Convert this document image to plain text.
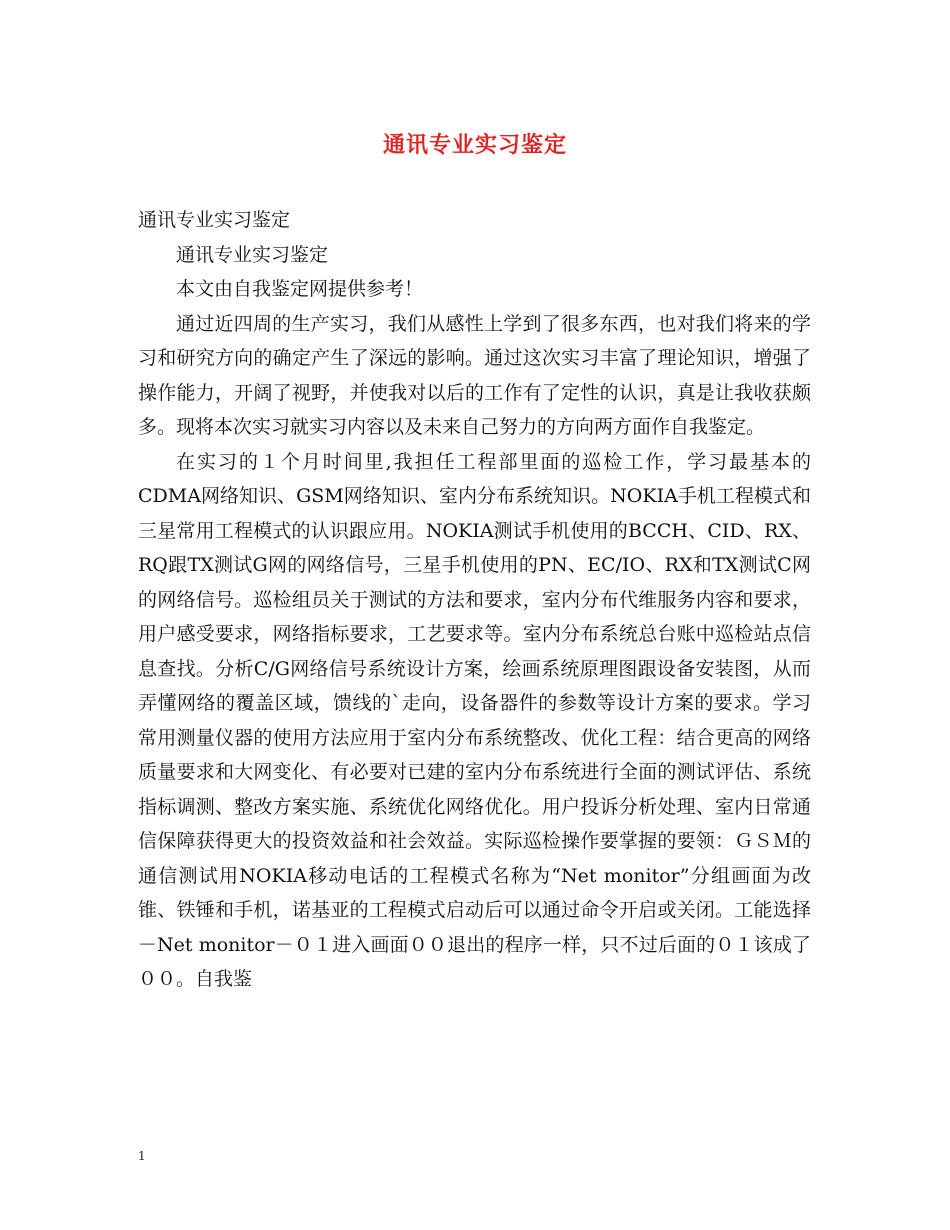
通讯专业实习鉴定

通讯专业实习鉴定

通讯专业实习鉴定

本文由自我鉴定网提供参考！

通过近四周的生产实习，我们从感性上学到了很多东西，也对我们将来的学习和研究方向的确定产生了深远的影响。通过这次实习丰富了理论知识，增强了操作能力，开阔了视野，并使我对以后的工作有了定性的认识，真是让我收获颇多。现将本次实习就实习内容以及未来自己努力的方向两方面作自我鉴定。

在实习的１个月时间里,我担任工程部里面的巡检工作，学习最基本的CDMA网络知识、GSM网络知识、室内分布系统知识。NOKIA手机工程模式和三星常用工程模式的认识跟应用。NOKIA测试手机使用的BCCH、CID、RX、RQ跟TX测试G网的网络信号，三星手机使用的PN、EC/IO、RX和TX测试C网的网络信号。巡检组员关于测试的方法和要求，室内分布代维服务内容和要求，用户感受要求，网络指标要求，工艺要求等。室内分布系统总台账中巡检站点信息查找。分析C/G网络信号系统设计方案，绘画系统原理图跟设备安装图，从而弄懂网络的覆盖区域，馈线的`走向，设备器件的参数等设计方案的要求。学习常用测量仪器的使用方法应用于室内分布系统整改、优化工程：结合更高的网络质量要求和大网变化、有必要对已建的室内分布系统进行全面的测试评估、系统指标调测、整改方案实施、系统优化网络优化。用户投诉分析处理、室内日常通信保障获得更大的投资效益和社会效益。实际巡检操作要掌握的要领：ＧＳＭ的通信测试用NOKIA移动电话的工程模式名称为“Net monitor”分组画面为改锥、铁锤和手机，诺基亚的工程模式启动后可以通过命令开启或关闭。工能选择－Net monitor－０１进入画面００退出的程序一样，只不过后面的０１该成了００。自我鉴

1
